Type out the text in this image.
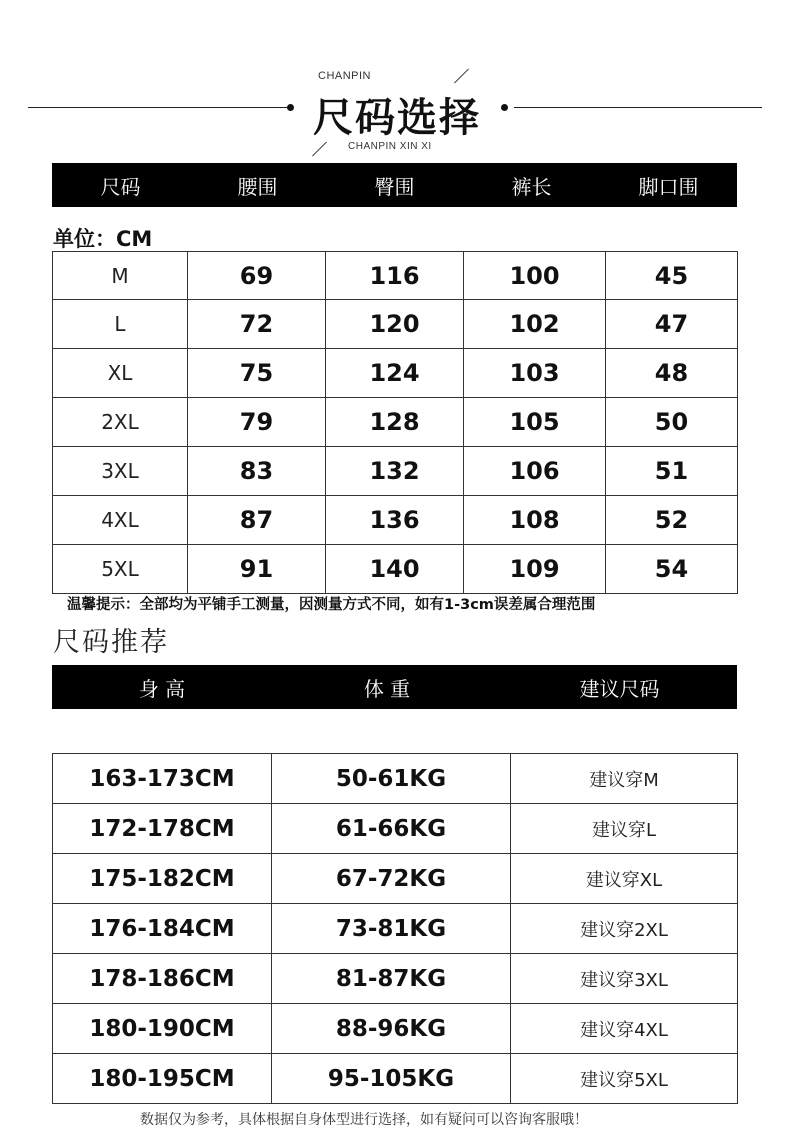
CHANPIN
尺码选择
CHANPIN XIN XI
尺码	腰围	臀围	裤长	脚口围
单位：CM
M	69	116	100	45
L	72	120	102	47
XL	75	124	103	48
2XL	79	128	105	50
3XL	83	132	106	51
4XL	87	136	108	52
5XL	91	140	109	54
温馨提示：全部均为平铺手工测量，因测量方式不同，如有1-3cm误差属合理范围
尺码推荐
身 高	体 重	建议尺码
163-173CM	50-61KG	建议穿M
172-178CM	61-66KG	建议穿L
175-182CM	67-72KG	建议穿XL
176-184CM	73-81KG	建议穿2XL
178-186CM	81-87KG	建议穿3XL
180-190CM	88-96KG	建议穿4XL
180-195CM	95-105KG	建议穿5XL
数据仅为参考，具体根据自身体型进行选择，如有疑问可以咨询客服哦！
